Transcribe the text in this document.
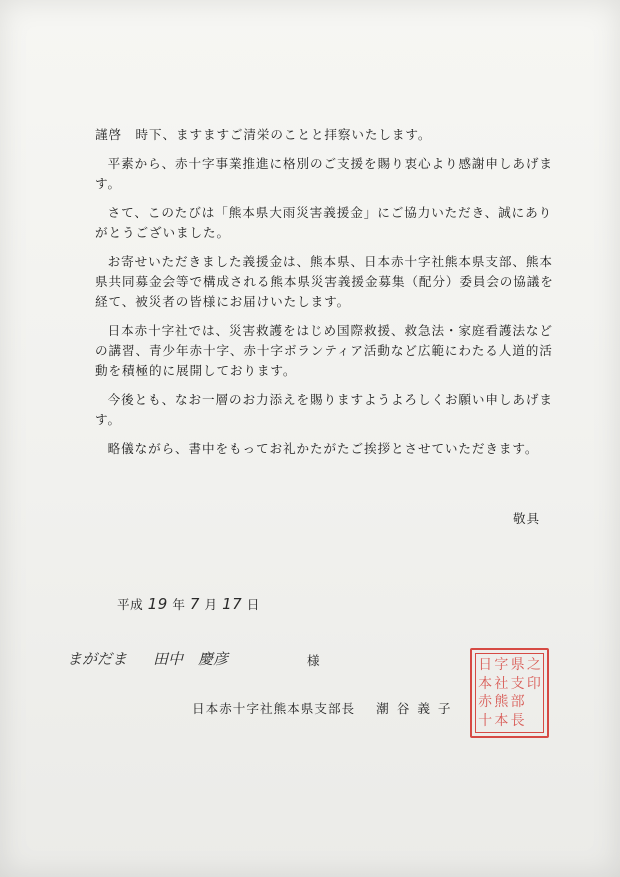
謹啓　時下、ますますご清栄のことと拝察いたします。

平素から、赤十字事業推進に格別のご支援を賜り衷心より感謝申しあげます。

さて、このたびは「熊本県大雨災害義援金」にご協力いただき、誠にありがとうございました。

お寄せいただきました義援金は、熊本県、日本赤十字社熊本県支部、熊本県共同募金会等で構成される熊本県災害義援金募集（配分）委員会の協議を経て、被災者の皆様にお届けいたします。

日本赤十字社では、災害救護をはじめ国際救援、救急法・家庭看護法などの講習、青少年赤十字、赤十字ボランティア活動など広範にわたる人道的活動を積極的に展開しております。

今後とも、なお一層のお力添えを賜りますようよろしくお願い申しあげます。

略儀ながら、書中をもってお礼かたがたご挨拶とさせていただきます。

敬具
平成 19 年 7 月 17 日
まがだま 田中　慶彦	様
日本赤十字社熊本県支部長 潮谷義子
日 字 県 之
本 社 支 印
赤 熊 部
十 本 長
